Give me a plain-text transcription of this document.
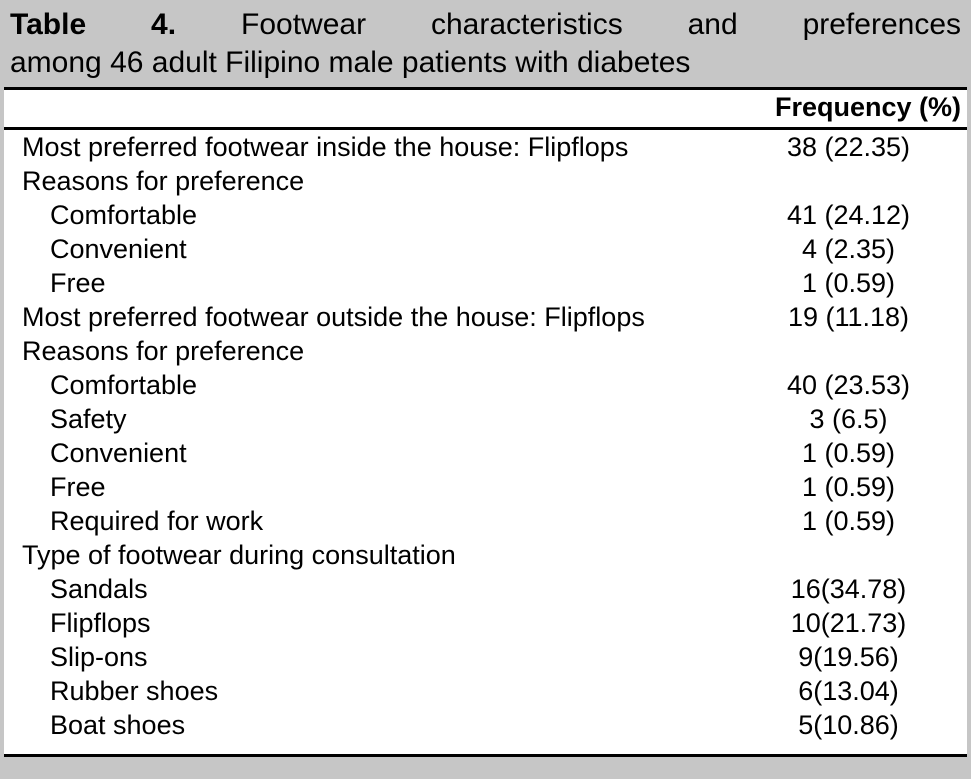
Table 4. Footwear characteristics and preferences
among 46 adult Filipino male patients with diabetes
	Frequency (%)
Most preferred footwear inside the house: Flipflops	38 (22.35)
Reasons for preference	
Comfortable	41 (24.12)
Convenient	4 (2.35)
Free	1 (0.59)
Most preferred footwear outside the house: Flipflops	19 (11.18)
Reasons for preference	
Comfortable	40 (23.53)
Safety	3 (6.5)
Convenient	1 (0.59)
Free	1 (0.59)
Required for work	1 (0.59)
Type of footwear during consultation	
Sandals	16(34.78)
Flipflops	10(21.73)
Slip-ons	9(19.56)
Rubber shoes	6(13.04)
Boat shoes	5(10.86)
